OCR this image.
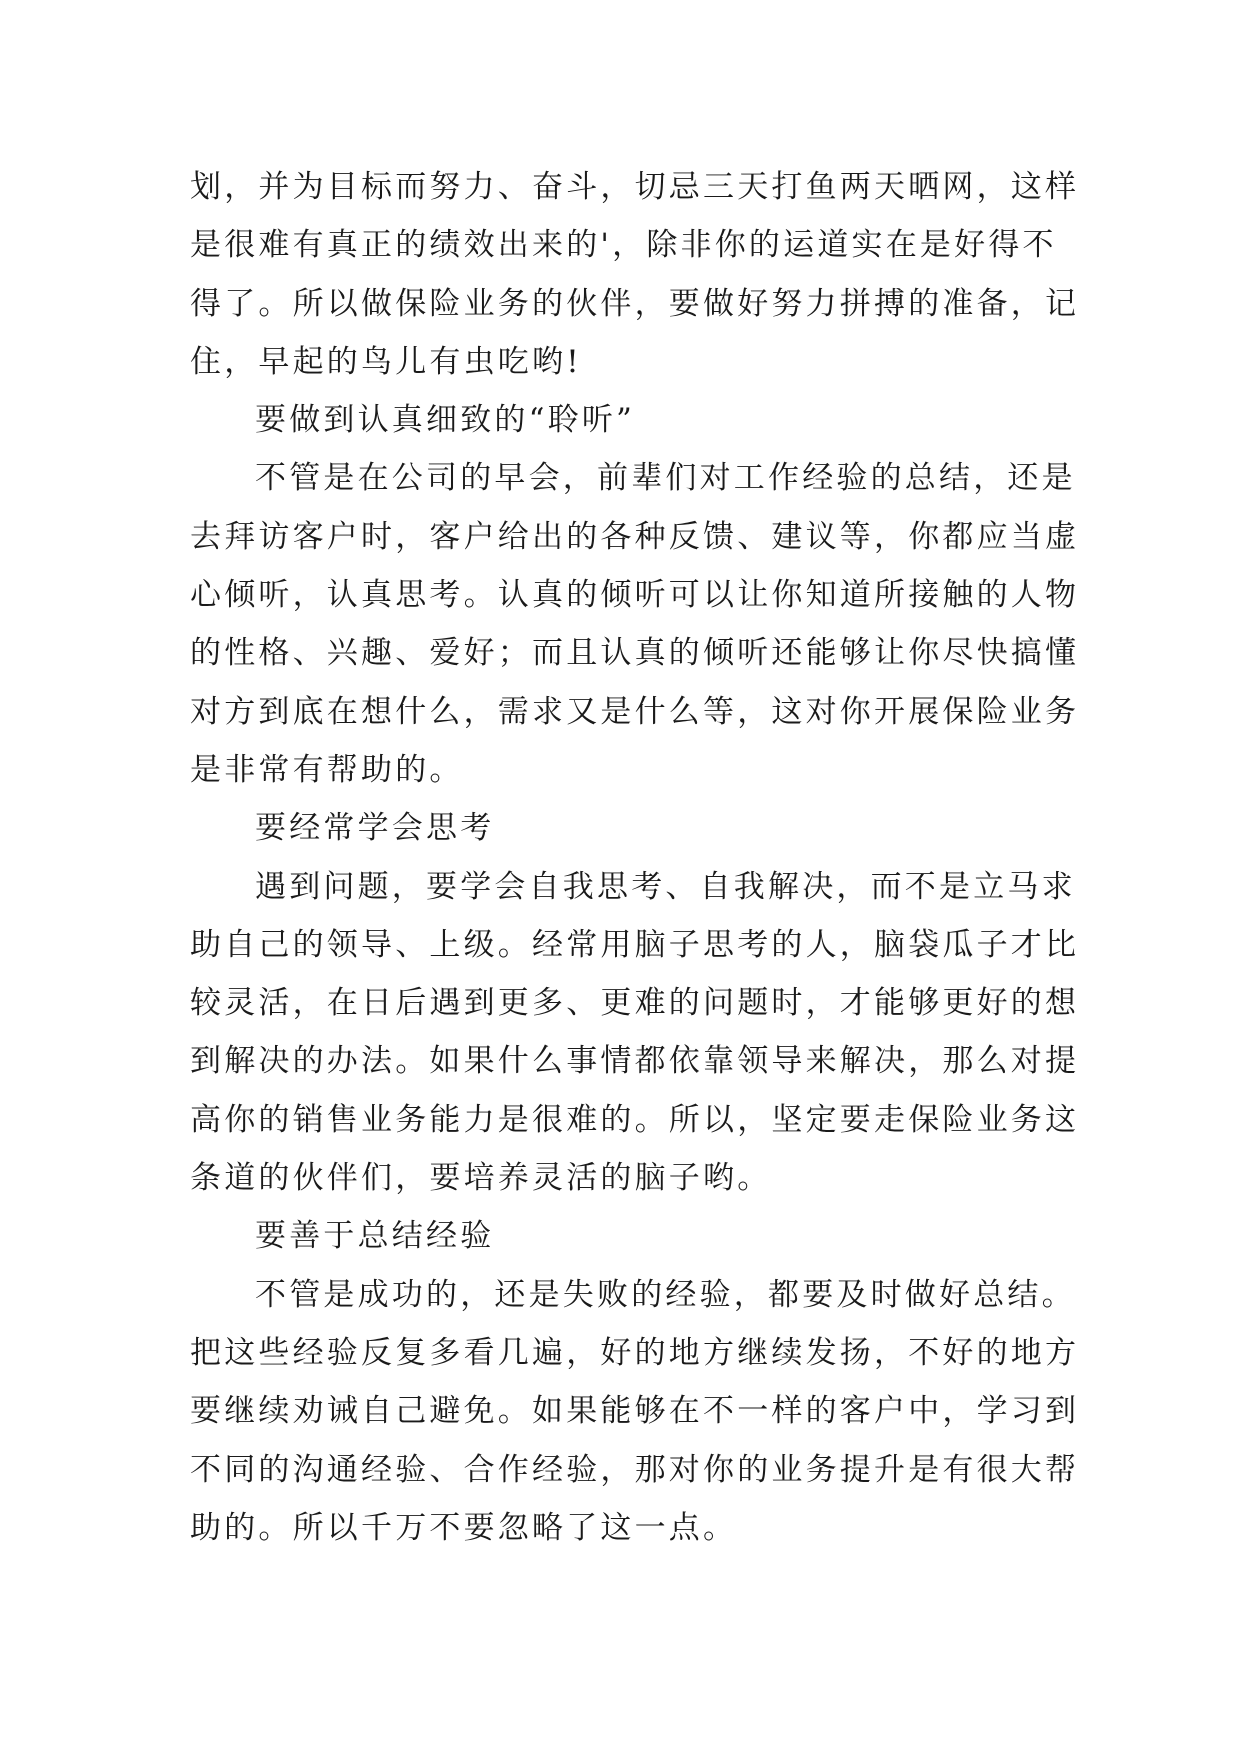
划，并为目标而努力、奋斗，切忌三天打鱼两天晒网，这样
是很难有真正的绩效出来的'，除非你的运道实在是好得不
得了。所以做保险业务的伙伴，要做好努力拼搏的准备，记
住，早起的鸟儿有虫吃哟!
要做到认真细致的“聆听”
不管是在公司的早会，前辈们对工作经验的总结，还是
去拜访客户时，客户给出的各种反馈、建议等，你都应当虚
心倾听，认真思考。认真的倾听可以让你知道所接触的人物
的性格、兴趣、爱好；而且认真的倾听还能够让你尽快搞懂
对方到底在想什么，需求又是什么等，这对你开展保险业务
是非常有帮助的。
要经常学会思考
遇到问题，要学会自我思考、自我解决，而不是立马求
助自己的领导、上级。经常用脑子思考的人，脑袋瓜子才比
较灵活，在日后遇到更多、更难的问题时，才能够更好的想
到解决的办法。如果什么事情都依靠领导来解决，那么对提
高你的销售业务能力是很难的。所以，坚定要走保险业务这
条道的伙伴们，要培养灵活的脑子哟。
要善于总结经验
不管是成功的，还是失败的经验，都要及时做好总结。
把这些经验反复多看几遍，好的地方继续发扬，不好的地方
要继续劝诫自己避免。如果能够在不一样的客户中，学习到
不同的沟通经验、合作经验，那对你的业务提升是有很大帮
助的。所以千万不要忽略了这一点。
